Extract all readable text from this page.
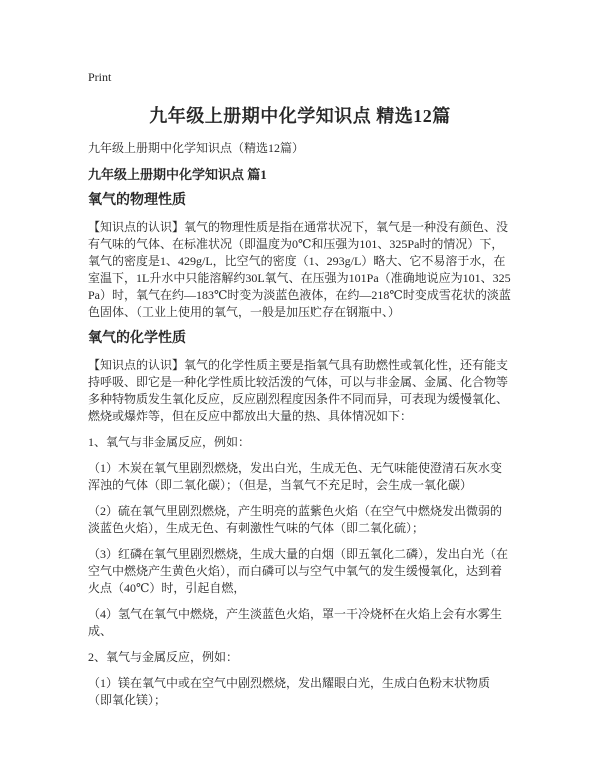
Print
九年级上册期中化学知识点 精选12篇

九年级上册期中化学知识点（精选12篇）

九年级上册期中化学知识点 篇1
氧气的物理性质

【知识点的认识】氧气的物理性质是指在通常状况下，氧气是一种没有颜色、没有气味的气体、在标准状况（即温度为0℃和压强为101、325Pa时的情况）下，氧气的密度是1、429g/L，比空气的密度（1、293g/L）略大、它不易溶于水，在室温下，1L升水中只能溶解约30L氧气、在压强为101Pa（准确地说应为101、325Pa）时，氧气在约—183℃时变为淡蓝色液体，在约—218℃时变成雪花状的淡蓝色固体、（工业上使用的氧气，一般是加压贮存在钢瓶中、）

氧气的化学性质

【知识点的认识】氧气的化学性质主要是指氧气具有助燃性或氧化性，还有能支持呼吸、即它是一种化学性质比较活泼的气体，可以与非金属、金属、化合物等多种特物质发生氧化反应，反应剧烈程度因条件不同而异，可表现为缓慢氧化、燃烧或爆炸等，但在反应中都放出大量的热、具体情况如下：

1、氧气与非金属反应，例如：

（1）木炭在氧气里剧烈燃烧，发出白光，生成无色、无气味能使澄清石灰水变浑浊的气体（即二氧化碳）；（但是，当氧气不充足时，会生成一氧化碳）

（2）硫在氧气里剧烈燃烧，产生明亮的蓝紫色火焰（在空气中燃烧发出微弱的淡蓝色火焰），生成无色、有刺激性气味的气体（即二氧化硫）；

（3）红磷在氧气里剧烈燃烧，生成大量的白烟（即五氧化二磷），发出白光（在空气中燃烧产生黄色火焰），而白磷可以与空气中氧气的发生缓慢氧化，达到着火点（40℃）时，引起自燃，

（4）氢气在氧气中燃烧，产生淡蓝色火焰，罩一干冷烧杯在火焰上会有水雾生成、

2、氧气与金属反应，例如：

（1）镁在氧气中或在空气中剧烈燃烧，发出耀眼白光，生成白色粉末状物质（即氧化镁）；
